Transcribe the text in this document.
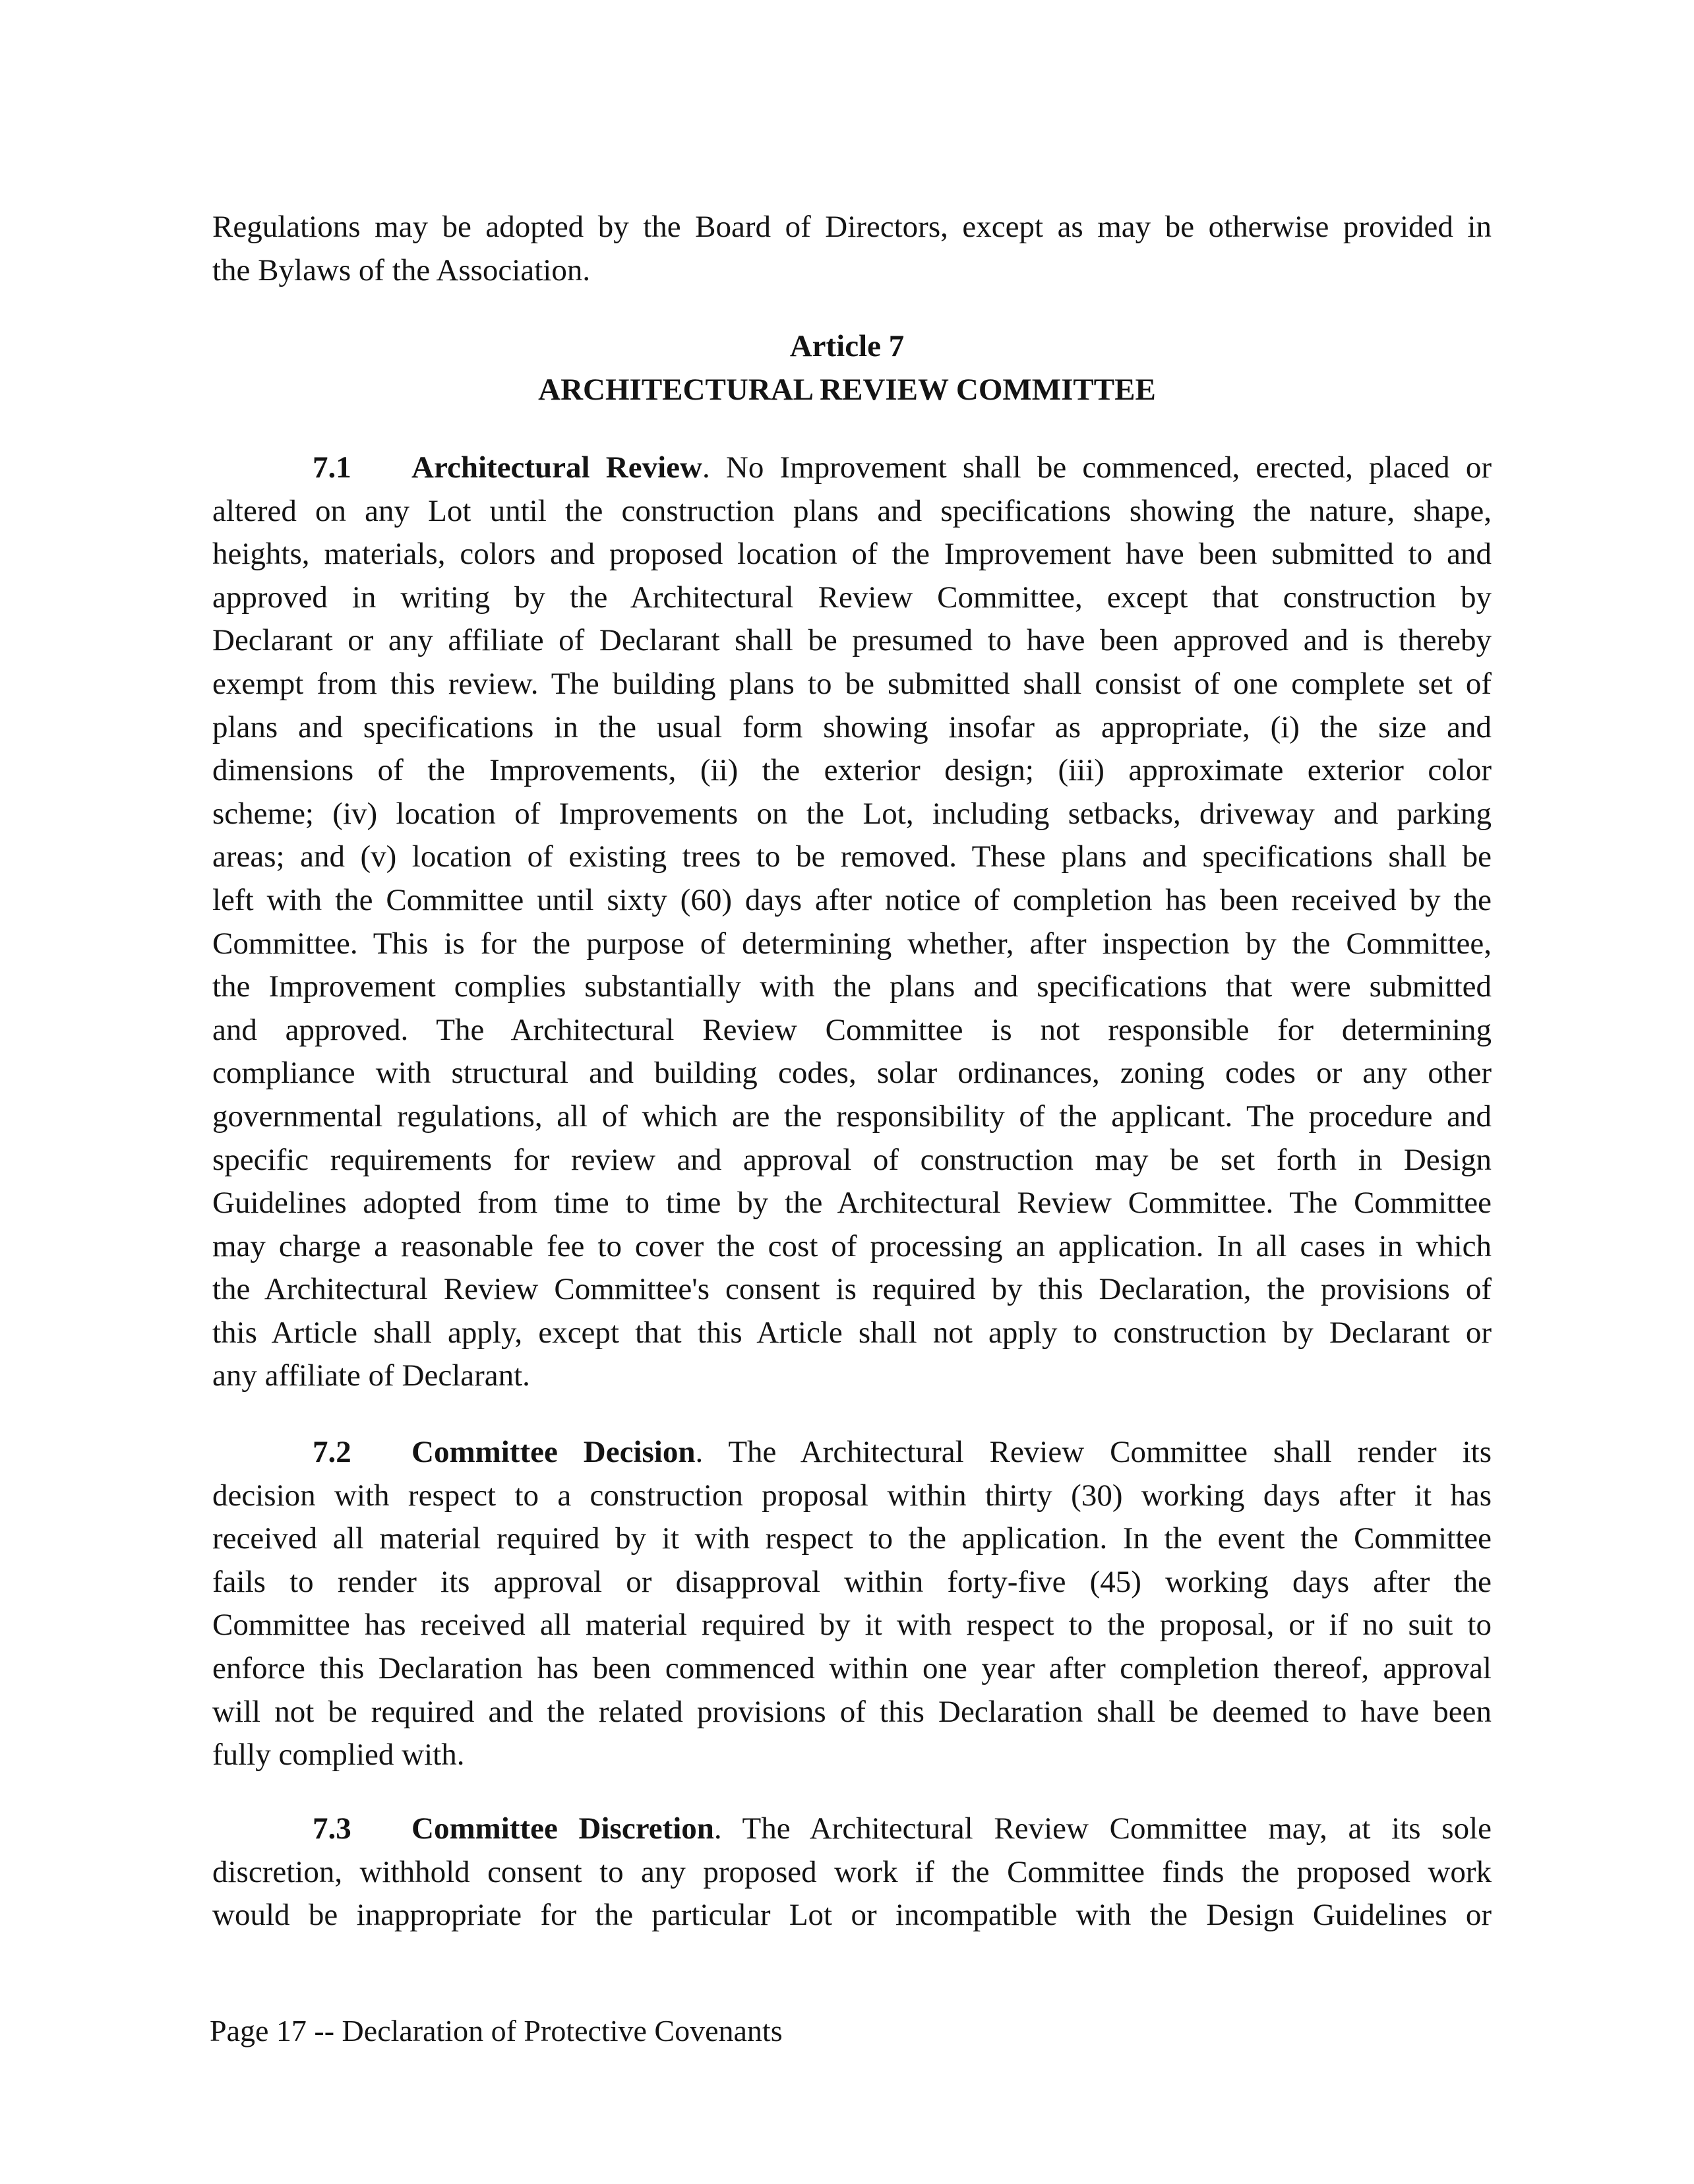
Regulations may be adopted by the Board of Directors, except as may be otherwise provided in
the Bylaws of the Association.
Article 7
ARCHITECTURAL REVIEW COMMITTEE
7.1 Architectural Review. No Improvement shall be commenced, erected, placed or
altered on any Lot until the construction plans and specifications showing the nature, shape,
heights, materials, colors and proposed location of the Improvement have been submitted to and
approved in writing by the Architectural Review Committee, except that construction by
Declarant or any affiliate of Declarant shall be presumed to have been approved and is thereby
exempt from this review. The building plans to be submitted shall consist of one complete set of
plans and specifications in the usual form showing insofar as appropriate, (i) the size and
dimensions of the Improvements, (ii) the exterior design; (iii) approximate exterior color
scheme; (iv) location of Improvements on the Lot, including setbacks, driveway and parking
areas; and (v) location of existing trees to be removed. These plans and specifications shall be
left with the Committee until sixty (60) days after notice of completion has been received by the
Committee. This is for the purpose of determining whether, after inspection by the Committee,
the Improvement complies substantially with the plans and specifications that were submitted
and approved. The Architectural Review Committee is not responsible for determining
compliance with structural and building codes, solar ordinances, zoning codes or any other
governmental regulations, all of which are the responsibility of the applicant. The procedure and
specific requirements for review and approval of construction may be set forth in Design
Guidelines adopted from time to time by the Architectural Review Committee. The Committee
may charge a reasonable fee to cover the cost of processing an application. In all cases in which
the Architectural Review Committee's consent is required by this Declaration, the provisions of
this Article shall apply, except that this Article shall not apply to construction by Declarant or
any affiliate of Declarant.
7.2 Committee Decision. The Architectural Review Committee shall render its
decision with respect to a construction proposal within thirty (30) working days after it has
received all material required by it with respect to the application. In the event the Committee
fails to render its approval or disapproval within forty-five (45) working days after the
Committee has received all material required by it with respect to the proposal, or if no suit to
enforce this Declaration has been commenced within one year after completion thereof, approval
will not be required and the related provisions of this Declaration shall be deemed to have been
fully complied with.
7.3 Committee Discretion. The Architectural Review Committee may, at its sole
discretion, withhold consent to any proposed work if the Committee finds the proposed work
would be inappropriate for the particular Lot or incompatible with the Design Guidelines or
Page 17 -- Declaration of Protective Covenants
